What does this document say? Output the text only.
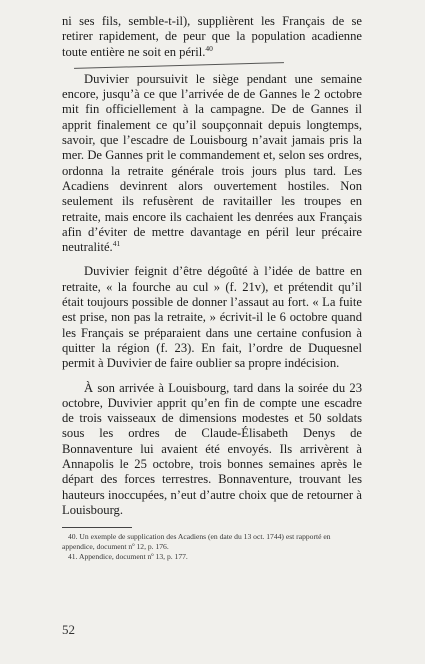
ni ses fils, semble-t-il), supplièrent les Français de se retirer rapidement, de peur que la population acadienne toute entière ne soit en péril.$^{40}$

Duvivier poursuivit le siège pendant une semaine encore, jusqu’à ce que l’arrivée de de Gannes le 2 octobre mit fin officiellement à la campagne. De de Gannes il apprit finalement ce qu’il soupçonnait depuis longtemps, savoir, que l’escadre de Louisbourg n’avait jamais pris la mer. De Gannes prit le commandement et, selon ses ordres, ordonna la retraite générale trois jours plus tard. Les Acadiens devinrent alors ouvertement hostiles. Non seulement ils refusèrent de ravitailler les troupes en retraite, mais encore ils cachaient les denrées aux Français afin d’éviter de mettre davantage en péril leur précaire neutralité.$^{41}$

Duvivier feignit d’être dégoûté à l’idée de battre en retraite, « la fourche au cul » (f. 21v), et prétendit qu’il était toujours possible de donner l’assaut au fort. « La fuite est prise, non pas la retraite, » écrivit-il le 6 octobre quand les Français se préparaient dans une certaine confusion à quitter la région (f. 23). En fait, l’ordre de Duquesnel permit à Duvivier de faire oublier sa propre indécision.

À son arrivée à Louisbourg, tard dans la soirée du 23 octobre, Duvivier apprit qu’en fin de compte une escadre de trois vaisseaux de dimensions modestes et 50 soldats sous les ordres de Claude-Élisabeth Denys de Bonnaventure lui avaient été envoyés. Ils arrivèrent à Annapolis le 25 octobre, trois bonnes semaines après le départ des forces terrestres. Bonnaventure, trouvant les hauteurs inoccupées, n’eut d’autre choix que de retourner à Louisbourg.

40. Un exemple de supplication des Acadiens (en date du 13 oct. 1744) est rapporté en appendice, document nº 12, p. 176.

41. Appendice, document nº 13, p. 177.

52
